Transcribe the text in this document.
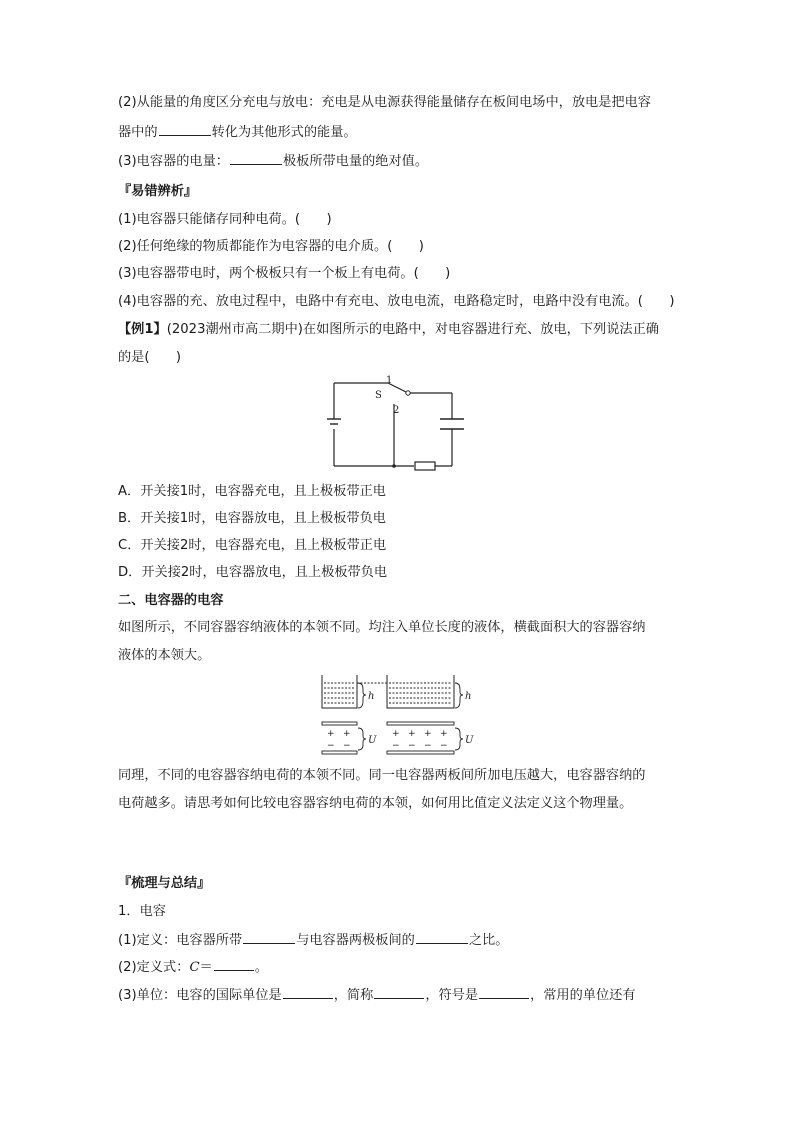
(2)从能量的角度区分充电与放电：充电是从电源获得能量储存在板间电场中，放电是把电容
器中的	转化为其他形式的能量。
(3)电容器的电量：	极板所带电量的绝对值。
『易错辨析』
(1)电容器只能储存同种电荷。(　　)
(2)任何绝缘的物质都能作为电容器的电介质。(　　)
(3)电容器带电时，两个极板只有一个板上有电荷。(　　)
(4)电容器的充、放电过程中，电路中有充电、放电电流，电路稳定时，电路中没有电流。(　　)
【例1】(2023潮州市高二期中)在如图所示的电路中，对电容器进行充、放电，下列说法正确
的是(　　)
1
S
2
A．开关接1时，电容器充电，且上极板带正电
B．开关接1时，电容器放电，且上极板带负电
C．开关接2时，电容器充电，且上极板带正电
D．开关接2时，电容器放电，且上极板带负电
二、电容器的电容
如图所示，不同容器容纳液体的本领不同。均注入单位长度的液体，横截面积大的容器容纳
液体的本领大。
h	h
+ +
− −
+ + + +
− − − −
U	U
同理，不同的电容器容纳电荷的本领不同。同一电容器两板间所加电压越大，电容器容纳的
电荷越多。请思考如何比较电容器容纳电荷的本领，如何用比值定义法定义这个物理量。
『梳理与总结』
1．电容
(1)定义：电容器所带	与电容器两极板间的	之比。
(2)定义式：C＝	。
(3)单位：电容的国际单位是	，简称	，符号是	，常用的单位还有
